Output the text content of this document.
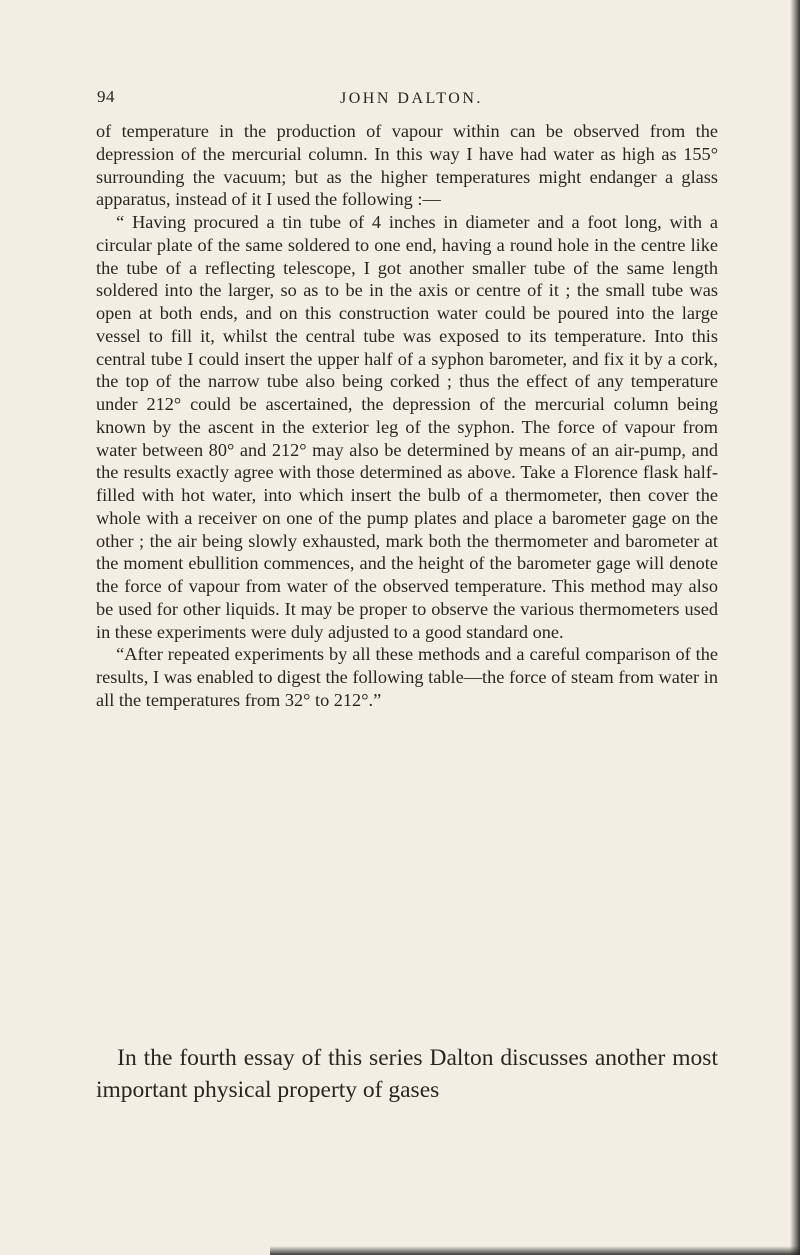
94	JOHN DALTON.

of temperature in the production of vapour within can be observed from the depression of the mercurial column. In this way I have had water as high as 155° surrounding the vacuum; but as the higher temperatures might endanger a glass apparatus, instead of it I used the following :—

“ Having procured a tin tube of 4 inches in diameter and a foot long, with a circular plate of the same soldered to one end, having a round hole in the centre like the tube of a reflecting telescope, I got another smaller tube of the same length soldered into the larger, so as to be in the axis or centre of it ; the small tube was open at both ends, and on this construction water could be poured into the large vessel to fill it, whilst the central tube was exposed to its temperature. Into this central tube I could insert the upper half of a syphon barometer, and fix it by a cork, the top of the narrow tube also being corked ; thus the effect of any temperature under 212° could be ascertained, the depression of the mercurial column being known by the ascent in the exterior leg of the syphon. The force of vapour from water between 80° and 212° may also be determined by means of an air-pump, and the results exactly agree with those determined as above. Take a Florence flask half-filled with hot water, into which insert the bulb of a thermometer, then cover the whole with a receiver on one of the pump plates and place a barometer gage on the other ; the air being slowly exhausted, mark both the thermometer and barometer at the moment ebullition commences, and the height of the barometer gage will denote the force of vapour from water of the observed temperature. This method may also be used for other liquids. It may be proper to observe the various thermometers used in these experiments were duly adjusted to a good standard one.

“After repeated experiments by all these methods and a careful comparison of the results, I was enabled to digest the following table—the force of steam from water in all the temperatures from 32° to 212°.”

In the fourth essay of this series Dalton discusses another most important physical property of gases
